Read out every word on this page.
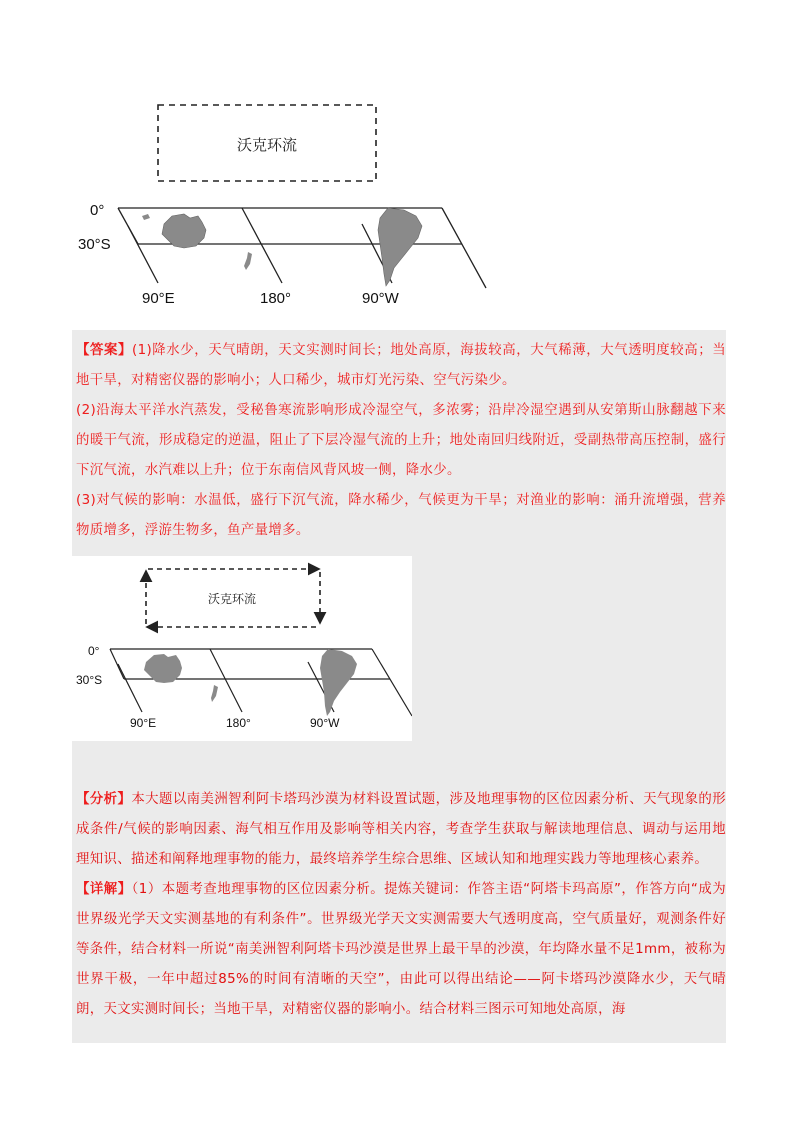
沃克环流
0°
30°S
90°E	180°	90°W

【答案】(1)降水少，天气晴朗，天文实测时间长；地处高原，海拔较高，大气稀薄，大气透明度较高；当地干旱，对精密仪器的影响小；人口稀少，城市灯光污染、空气污染少。

(2)沿海太平洋水汽蒸发，受秘鲁寒流影响形成冷湿空气，多浓雾；沿岸冷湿空遇到从安第斯山脉翻越下来的暖干气流，形成稳定的逆温，阻止了下层冷湿气流的上升；地处南回归线附近，受副热带高压控制，盛行下沉气流，水汽难以上升；位于东南信风背风坡一侧，降水少。

(3)对气候的影响：水温低，盛行下沉气流，降水稀少，气候更为干旱；对渔业的影响：涌升流增强，营养物质增多，浮游生物多，鱼产量增多。

沃克环流
0°
30°S
90°E	180°	90°W

【分析】本大题以南美洲智利阿卡塔玛沙漠为材料设置试题，涉及地理事物的区位因素分析、天气现象的形成条件/气候的影响因素、海气相互作用及影响等相关内容，考查学生获取与解读地理信息、调动与运用地理知识、描述和阐释地理事物的能力，最终培养学生综合思维、区域认知和地理实践力等地理核心素养。

【详解】（1）本题考查地理事物的区位因素分析。提炼关键词：作答主语“阿塔卡玛高原”，作答方向“成为世界级光学天文实测基地的有利条件”。世界级光学天文实测需要大气透明度高，空气质量好，观测条件好等条件，结合材料一所说“南美洲智利阿塔卡玛沙漠是世界上最干旱的沙漠，年均降水量不足1mm，被称为世界干极，一年中超过85%的时间有清晰的天空”，由此可以得出结论——阿卡塔玛沙漠降水少，天气晴朗，天文实测时间长；当地干旱，对精密仪器的影响小。结合材料三图示可知地处高原，海
